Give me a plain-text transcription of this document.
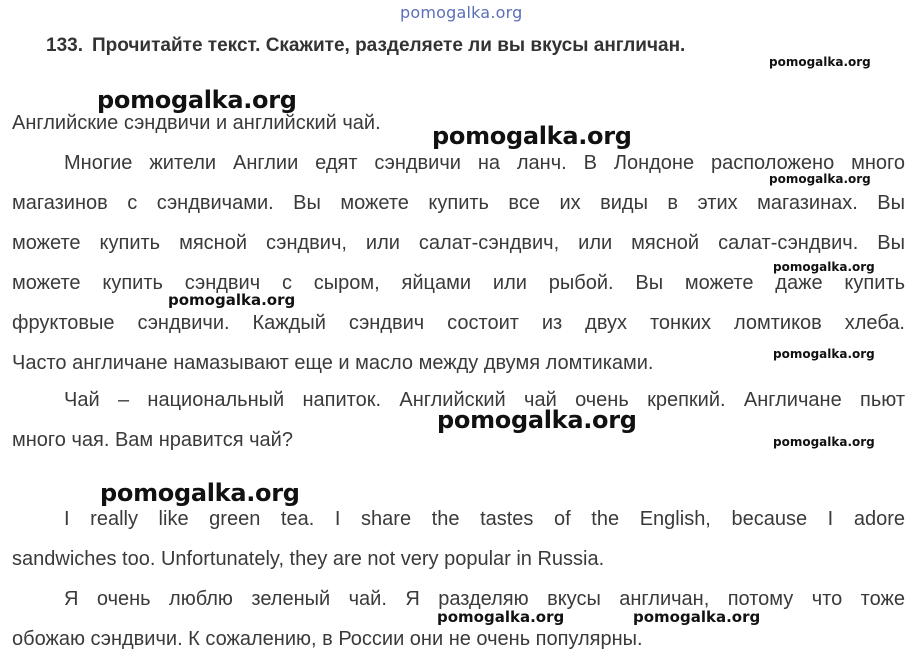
pomogalka.org
133. Прочитайте текст. Скажите, разделяете ли вы вкусы англичан.
Английские сэндвичи и английский чай.
Многие жители Англии едят сэндвичи на ланч. В Лондоне расположено много
магазинов с сэндвичами. Вы можете купить все их виды в этих магазинах. Вы
можете купить мясной сэндвич, или салат-сэндвич, или мясной салат-сэндвич. Вы
можете купить сэндвич с сыром, яйцами или рыбой. Вы можете даже купить
фруктовые сэндвичи. Каждый сэндвич состоит из двух тонких ломтиков хлеба.
Часто англичане намазывают еще и масло между двумя ломтиками.
Чай – национальный напиток. Английский чай очень крепкий. Англичане пьют
много чая. Вам нравится чай?
I really like green tea. I share the tastes of the English, because I adore
sandwiches too. Unfortunately, they are not very popular in Russia.
Я очень люблю зеленый чай. Я разделяю вкусы англичан, потому что тоже
обожаю сэндвичи. К сожалению, в России они не очень популярны.
pomogalka.org
pomogalka.org
pomogalka.org
pomogalka.org
pomogalka.org
pomogalka.org
pomogalka.org
pomogalka.org
pomogalka.org
pomogalka.org
pomogalka.org	pomogalka.org
